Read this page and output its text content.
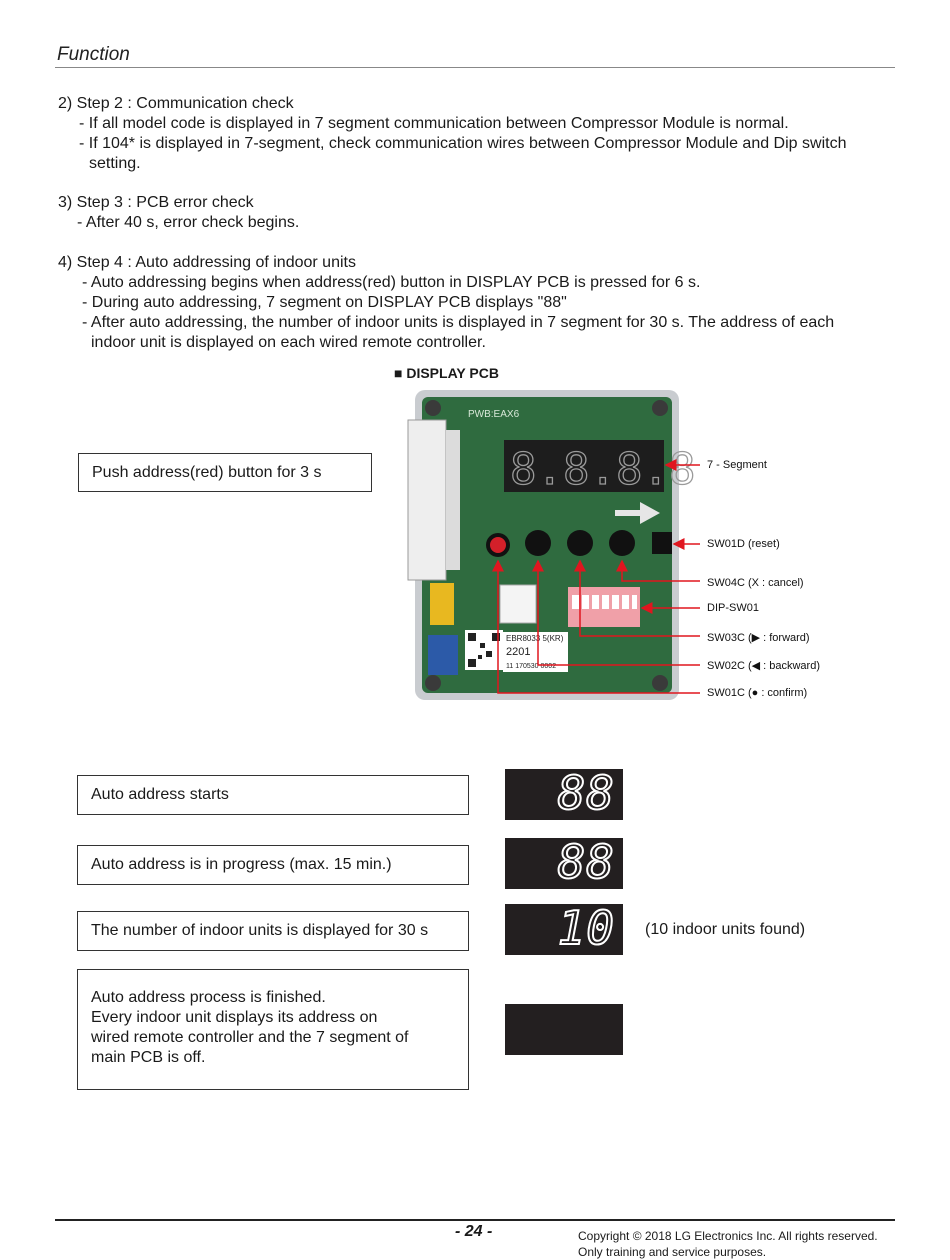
Function
2) Step 2 : Communication check
- If all model code is displayed in 7 segment communication between Compressor Module is normal.
- If 104* is displayed in 7-segment, check communication wires between Compressor Module and Dip switch
setting.
3) Step 3 : PCB error check
- After 40 s, error check begins.
4) Step 4 : Auto addressing of indoor units
- Auto addressing begins when address(red) button in DISPLAY PCB is pressed for 6 s.
- During auto addressing, 7 segment on DISPLAY PCB displays "88"
- After auto addressing, the number of indoor units is displayed in 7 segment for 30 s. The address of each
indoor unit is displayed on each wired remote controller.
■ DISPLAY PCB
Push address(red) button for 3 s
PWB:EAX6
8.8.8.8
EBR8033 5(KR)
2201
11 170530 0002
7 - Segment
SW01D (reset)
SW04C (X : cancel)
DIP-SW01
SW03C (▶ : forward)
SW02C (◀ : backward)
SW01C (● : confirm)
Auto address starts	88
Auto address is in progress (max. 15 min.)	88
The number of indoor units is displayed for 30 s	10 (10 indoor units found)
Auto address process is finished.
Every indoor unit displays its address on
wired remote controller and the 7 segment of
main PCB is off.
- 24 -	Copyright © 2018 LG Electronics Inc. All rights reserved.
Only training and service purposes.
